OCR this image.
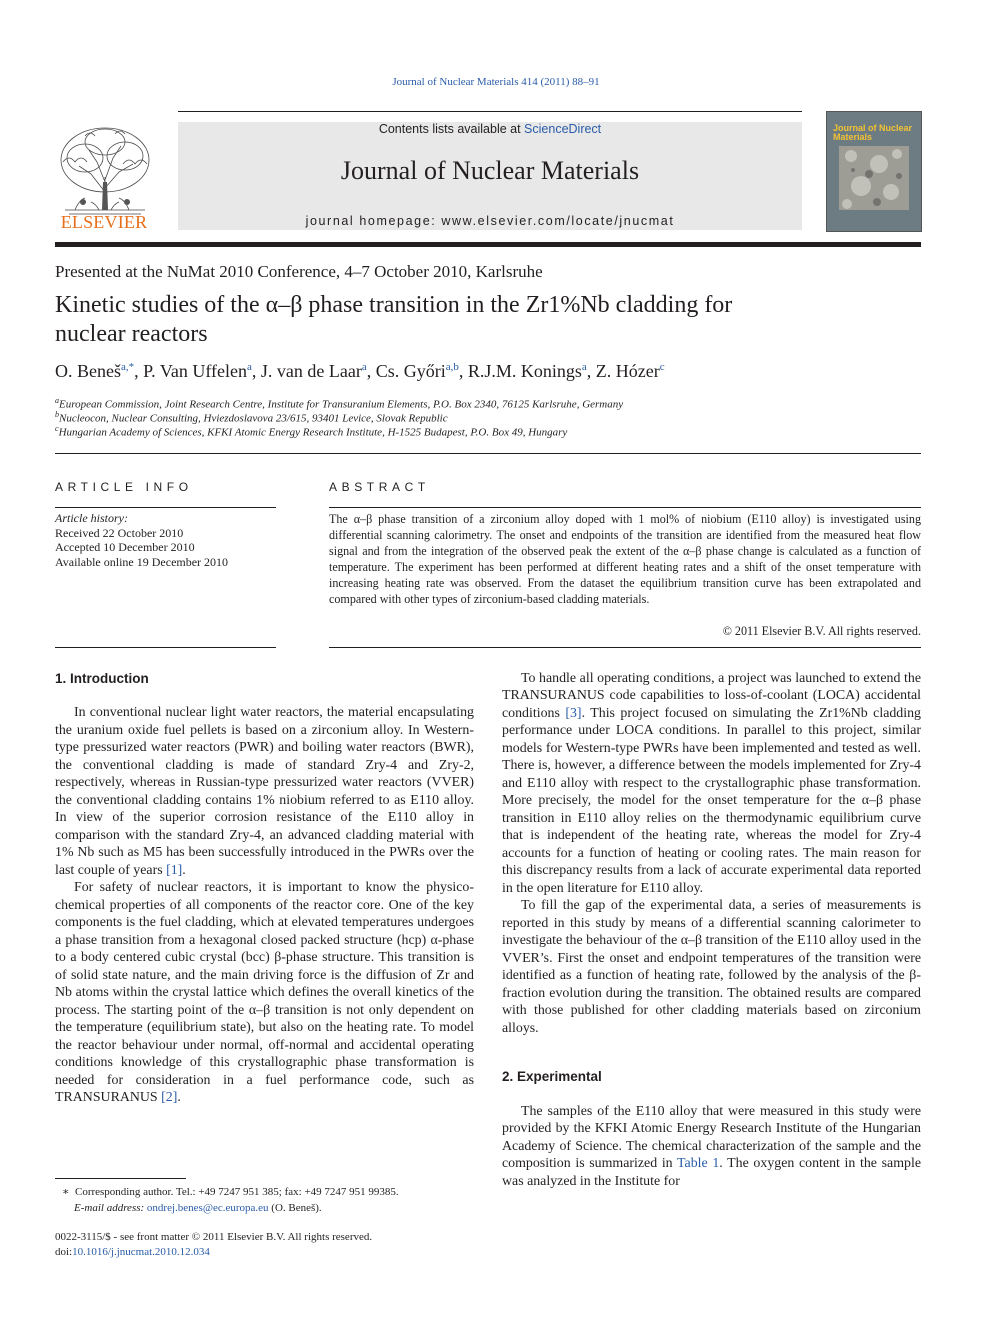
Journal of Nuclear Materials 414 (2011) 88–91
ELSEVIER
Contents lists available at ScienceDirect
Journal of Nuclear Materials
journal homepage: www.elsevier.com/locate/jnucmat
Journal of Nuclear Materials
Presented at the NuMat 2010 Conference, 4–7 October 2010, Karlsruhe
Kinetic studies of the α–β phase transition in the Zr1%Nb cladding for
nuclear reactors
O. Beneš$^{a,*}$, P. Van Uffelen$^a$, J. van de Laar$^a$, Cs. Győri$^{a,b}$, R.J.M. Konings$^a$, Z. Hózer$^c$
$^a$European Commission, Joint Research Centre, Institute for Transuranium Elements, P.O. Box 2340, 76125 Karlsruhe, Germany
$^b$Nucleocon, Nuclear Consulting, Hviezdoslavova 23/615, 93401 Levice, Slovak Republic
$^c$Hungarian Academy of Sciences, KFKI Atomic Energy Research Institute, H-1525 Budapest, P.O. Box 49, Hungary
ARTICLE INFO
Article history:
Received 22 October 2010
Accepted 10 December 2010
Available online 19 December 2010
ABSTRACT
The α–β phase transition of a zirconium alloy doped with 1 mol% of niobium (E110 alloy) is investigated using differential scanning calorimetry. The onset and endpoints of the transition are identified from the measured heat flow signal and from the integration of the observed peak the extent of the α–β phase change is calculated as a function of temperature. The experiment has been performed at different heating rates and a shift of the onset temperature with increasing heating rate was observed. From the dataset the equilibrium transition curve has been extrapolated and compared with other types of zirconium-based cladding materials.
© 2011 Elsevier B.V. All rights reserved.
1. Introduction

In conventional nuclear light water reactors, the material encapsulating the uranium oxide fuel pellets is based on a zirconium alloy. In Western-type pressurized water reactors (PWR) and boiling water reactors (BWR), the conventional cladding is made of standard Zry-4 and Zry-2, respectively, whereas in Russian-type pressurized water reactors (VVER) the conventional cladding contains 1% niobium referred to as E110 alloy. In view of the superior corrosion resistance of the E110 alloy in comparison with the standard Zry-4, an advanced cladding material with 1% Nb such as M5 has been successfully introduced in the PWRs over the last couple of years [1].

For safety of nuclear reactors, it is important to know the physico-chemical properties of all components of the reactor core. One of the key components is the fuel cladding, which at elevated temperatures undergoes a phase transition from a hexagonal closed packed structure (hcp) α-phase to a body centered cubic crystal (bcc) β-phase structure. This transition is of solid state nature, and the main driving force is the diffusion of Zr and Nb atoms within the crystal lattice which defines the overall kinetics of the process. The starting point of the α–β transition is not only dependent on the temperature (equilibrium state), but also on the heating rate. To model the reactor behaviour under normal, off-normal and accidental operating conditions knowledge of this crystallographic phase transformation is needed for consideration in a fuel performance code, such as TRANSURANUS [2].

To handle all operating conditions, a project was launched to extend the TRANSURANUS code capabilities to loss-of-coolant (LOCA) accidental conditions [3]. This project focused on simulating the Zr1%Nb cladding performance under LOCA conditions. In parallel to this project, similar models for Western-type PWRs have been implemented and tested as well. There is, however, a difference between the models implemented for Zry-4 and E110 alloy with respect to the crystallographic phase transformation. More precisely, the model for the onset temperature for the α–β phase transition in E110 alloy relies on the thermodynamic equilibrium curve that is independent of the heating rate, whereas the model for Zry-4 accounts for a function of heating or cooling rates. The main reason for this discrepancy results from a lack of accurate experimental data reported in the open literature for E110 alloy.

To fill the gap of the experimental data, a series of measurements is reported in this study by means of a differential scanning calorimeter to investigate the behaviour of the α–β transition of the E110 alloy used in the VVER’s. First the onset and endpoint temperatures of the transition were identified as a function of heating rate, followed by the analysis of the β-fraction evolution during the transition. The obtained results are compared with those published for other cladding materials based on zirconium alloys.

2. Experimental

The samples of the E110 alloy that were measured in this study were provided by the KFKI Atomic Energy Research Institute of the Hungarian Academy of Science. The chemical characterization of the sample and the composition is summarized in Table 1. The oxygen content in the sample was analyzed in the Institute for

∗ Corresponding author. Tel.: +49 7247 951 385; fax: +49 7247 951 99385.
E-mail address: ondrej.benes@ec.europa.eu (O. Beneš).
0022-3115/$ - see front matter © 2011 Elsevier B.V. All rights reserved.
doi:10.1016/j.jnucmat.2010.12.034
